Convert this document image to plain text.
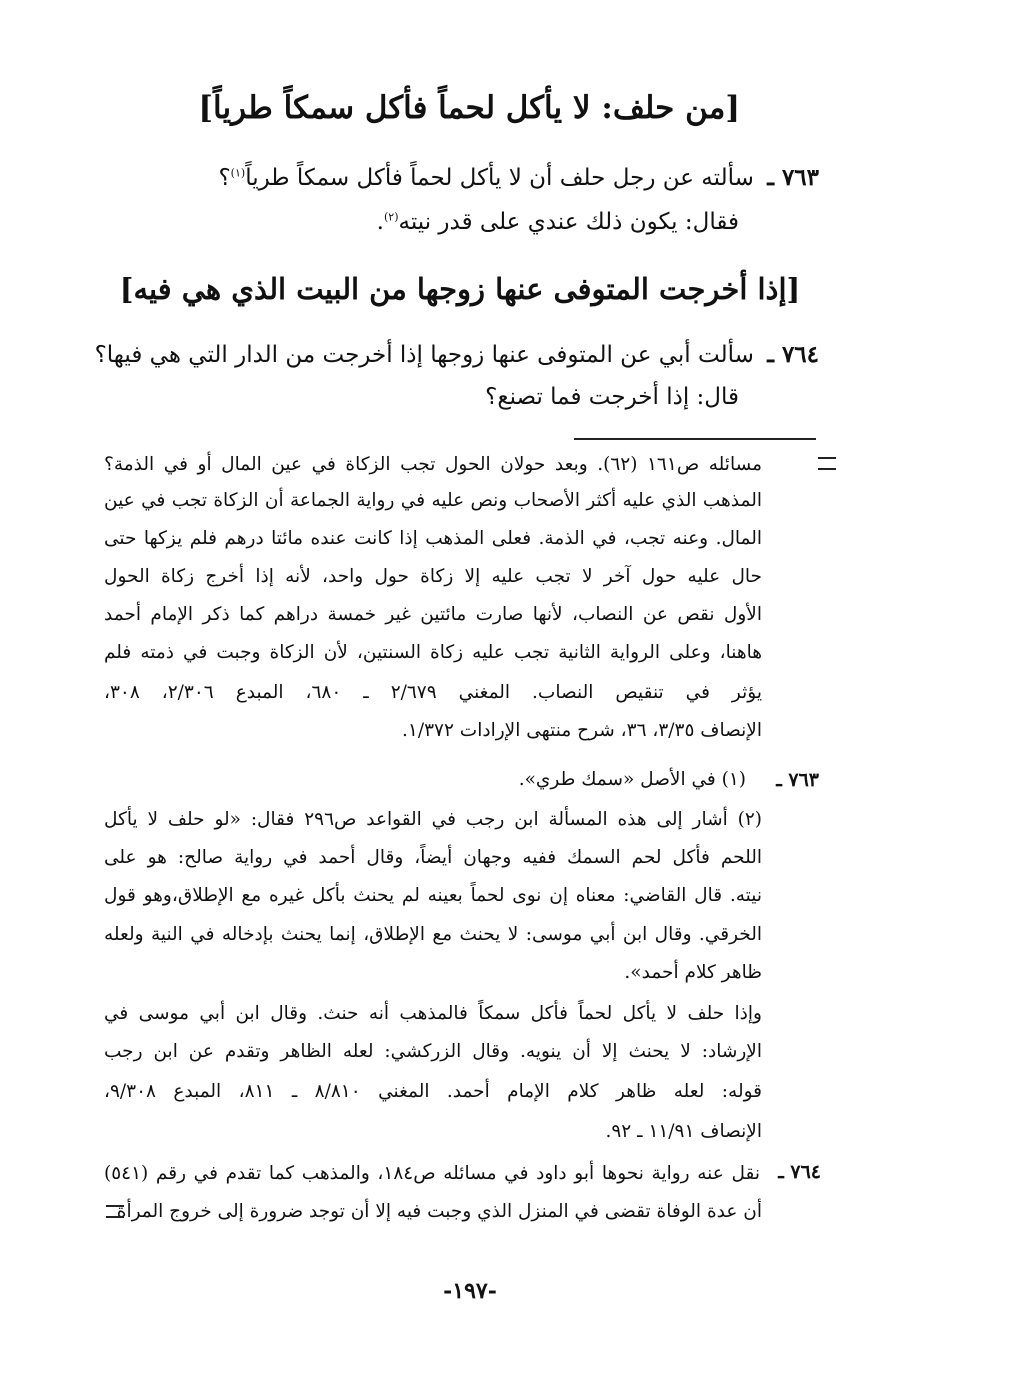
[من حلف: لا يأكل لحماً فأكل سمكاً طرياً]
٧٦٣ ـ سألته عن رجل حلف أن لا يأكل لحماً فأكل سمكاً طرياً$^{(١)}$؟
فقال: يكون ذلك عندي على قدر نيته$^{(٢)}$.
[إذا أخرجت المتوفى عنها زوجها من البيت الذي هي فيه]
٧٦٤ ـ سألت أبي عن المتوفى عنها زوجها إذا أخرجت من الدار التي هي فيها؟
قال: إذا أخرجت فما تصنع؟
مسائله ص١٦١ (٦٢). وبعد حولان الحول تجب الزكاة في عين المال أو في الذمة؟
المذهب الذي عليه أكثر الأصحاب ونص عليه في رواية الجماعة أن الزكاة تجب في عين
المال. وعنه تجب، في الذمة. فعلى المذهب إذا كانت عنده مائتا درهم فلم يزكها حتى
حال عليه حول آخر لا تجب عليه إلا زكاة حول واحد، لأنه إذا أخرج زكاة الحول
الأول نقص عن النصاب، لأنها صارت مائتين غير خمسة دراهم كما ذكر الإمام أحمد
هاهنا، وعلى الرواية الثانية تجب عليه زكاة السنتين، لأن الزكاة وجبت في ذمته فلم
يؤثر في تنقيص النصاب. المغني ٢/٦٧٩ ـ ٦٨٠، المبدع ٢/٣٠٦، ٣٠٨،
الإنصاف ٣/٣٥، ٣٦، شرح منتهى الإرادات ١/٣٧٢.
٧٦٣ ـ
(١) في الأصل «سمك طري».
(٢) أشار إلى هذه المسألة ابن رجب في القواعد ص٢٩٦ فقال: «لو حلف لا يأكل
اللحم فأكل لحم السمك ففيه وجهان أيضاً، وقال أحمد في رواية صالح: هو على
نيته. قال القاضي: معناه إن نوى لحماً بعينه لم يحنث بأكل غيره مع الإطلاق،وهو قول
الخرقي. وقال ابن أبي موسى: لا يحنث مع الإطلاق، إنما يحنث بإدخاله في النية ولعله
ظاهر كلام أحمد».
وإذا حلف لا يأكل لحماً فأكل سمكاً فالمذهب أنه حنث. وقال ابن أبي موسى في
الإرشاد: لا يحنث إلا أن ينويه. وقال الزركشي: لعله الظاهر وتقدم عن ابن رجب
قوله: لعله ظاهر كلام الإمام أحمد. المغني ٨/٨١٠ ـ ٨١١، المبدع ٩/٣٠٨،
الإنصاف ١١/٩١ ـ ٩٢.
٧٦٤ ـ
نقل عنه رواية نحوها أبو داود في مسائله ص١٨٤، والمذهب كما تقدم في رقم (٥٤١)
أن عدة الوفاة تقضى في المنزل الذي وجبت فيه إلا أن توجد ضرورة إلى خروج المرأة
-١٩٧-
